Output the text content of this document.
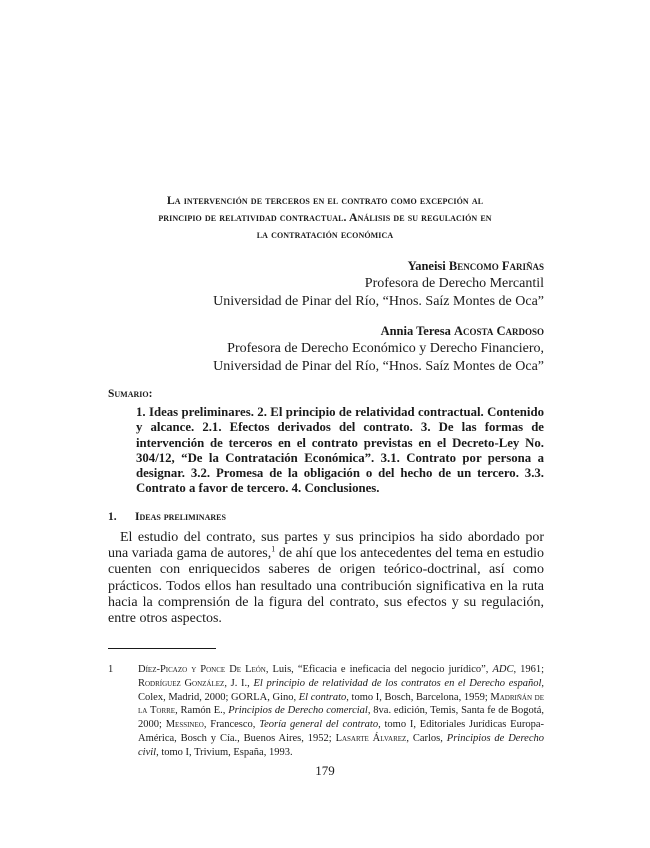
La intervención de terceros en el contrato como excepción al
principio de relatividad contractual. Análisis de su regulación en
la contratación económica
Yaneisi Bencomo Fariñas
Profesora de Derecho Mercantil
Universidad de Pinar del Río, “Hnos. Saíz Montes de Oca”
Annia Teresa Acosta Cardoso
Profesora de Derecho Económico y Derecho Financiero,
Universidad de Pinar del Río, “Hnos. Saíz Montes de Oca”
Sumario:
1. Ideas preliminares. 2. El principio de relatividad contractual. Contenido y alcance. 2.1. Efectos derivados del contrato. 3. De las formas de intervención de terceros en el contrato previstas en el Decreto-Ley No. 304/12, “De la Contratación Económica”. 3.1. Contrato por persona a designar. 3.2. Promesa de la obligación o del hecho de un tercero. 3.3. Contrato a favor de tercero. 4. Conclusiones.
1. Ideas preliminares
El estudio del contrato, sus partes y sus principios ha sido abordado por una variada gama de autores,$^1$ de ahí que los antecedentes del tema en estudio cuenten con enriquecidos saberes de origen teórico-doctrinal, así como prácticos. Todos ellos han resultado una contribución significativa en la ruta hacia la comprensión de la figura del contrato, sus efectos y su regulación, entre otros aspectos.
1 Díez-Picazo y Ponce De León, Luis, “Eficacia e ineficacia del negocio jurídico”, ADC, 1961; Rodríguez González, J. I., El principio de relatividad de los contratos en el Derecho español, Colex, Madrid, 2000; GORLA, Gino, El contrato, tomo I, Bosch, Barcelona, 1959; Madriñán de la Torre, Ramón E., Principios de Derecho comercial, 8va. edición, Temis, Santa fe de Bogotá, 2000; Messineo, Francesco, Teoría general del contrato, tomo I, Editoriales Jurídicas Europa-América, Bosch y Cía., Buenos Aires, 1952; Lasarte Álvarez, Carlos, Principios de Derecho civil, tomo I, Trivium, España, 1993.
179
